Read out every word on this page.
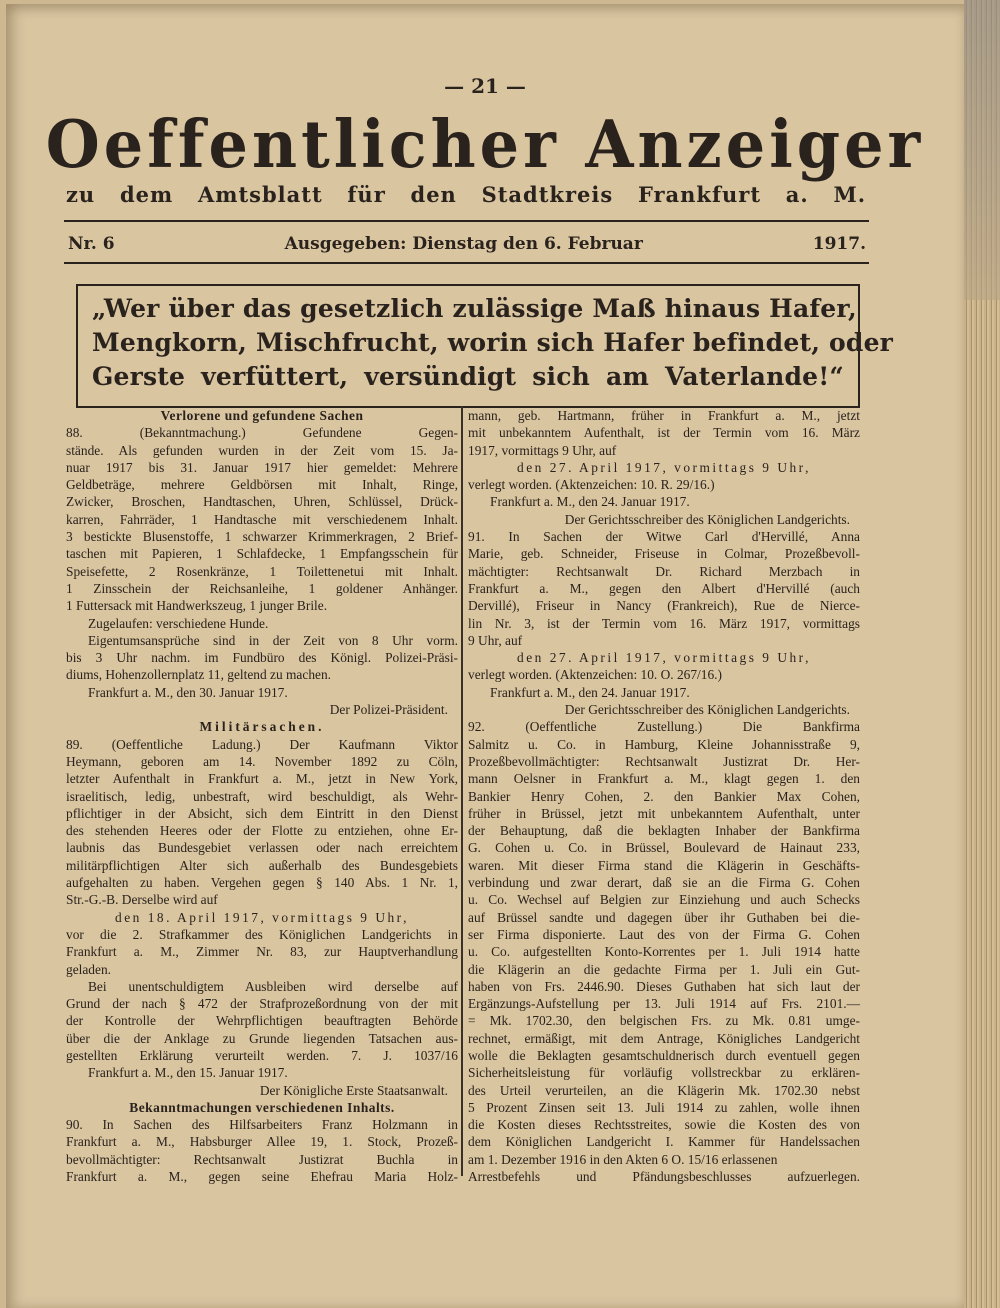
— 21 —
Oeffentlicher Anzeiger
zu dem Amtsblatt für den Stadtkreis Frankfurt a. M.
Nr. 6	Ausgegeben: Dienstag den 6. Februar	1917.
„Wer über das gesetzlich zulässige Maß hinaus Hafer,
Mengkorn, Mischfrucht, worin sich Hafer befindet, oder
Gerste verfüttert, versündigt sich am Vaterlande!“
Verlorene und gefundene Sachen
88. (Bekanntmachung.) Gefundene Gegen-
stände. Als gefunden wurden in der Zeit vom 15. Ja-
nuar 1917 bis 31. Januar 1917 hier gemeldet: Mehrere
Geldbeträge, mehrere Geldbörsen mit Inhalt, Ringe,
Zwicker, Broschen, Handtaschen, Uhren, Schlüssel, Drück-
karren, Fahrräder, 1 Handtasche mit verschiedenem Inhalt.
3 bestickte Blusenstoffe, 1 schwarzer Krimmerkragen, 2 Brief-
taschen mit Papieren, 1 Schlafdecke, 1 Empfangsschein für
Speisefette, 2 Rosenkränze, 1 Toilettenetui mit Inhalt.
1 Zinsschein der Reichsanleihe, 1 goldener Anhänger.
1 Futtersack mit Handwerkszeug, 1 junger Brile.
Zugelaufen: verschiedene Hunde.
Eigentumsansprüche sind in der Zeit von 8 Uhr vorm.
bis 3 Uhr nachm. im Fundbüro des Königl. Polizei-Präsi-
diums, Hohenzollernplatz 11, geltend zu machen.
Frankfurt a. M., den 30. Januar 1917.
Der Polizei-Präsident.
Militärsachen.
89. (Oeffentliche Ladung.) Der Kaufmann Viktor
Heymann, geboren am 14. November 1892 zu Cöln,
letzter Aufenthalt in Frankfurt a. M., jetzt in New York,
israelitisch, ledig, unbestraft, wird beschuldigt, als Wehr-
pflichtiger in der Absicht, sich dem Eintritt in den Dienst
des stehenden Heeres oder der Flotte zu entziehen, ohne Er-
laubnis das Bundesgebiet verlassen oder nach erreichtem
militärpflichtigen Alter sich außerhalb des Bundesgebiets
aufgehalten zu haben. Vergehen gegen § 140 Abs. 1 Nr. 1,
Str.-G.-B. Derselbe wird auf
den 18. April 1917, vormittags 9 Uhr,
vor die 2. Strafkammer des Königlichen Landgerichts in
Frankfurt a. M., Zimmer Nr. 83, zur Hauptverhandlung
geladen.
Bei unentschuldigtem Ausbleiben wird derselbe auf
Grund der nach § 472 der Strafprozeßordnung von der mit
der Kontrolle der Wehrpflichtigen beauftragten Behörde
über die der Anklage zu Grunde liegenden Tatsachen aus-
gestellten Erklärung verurteilt werden. 7. J. 1037/16
Frankfurt a. M., den 15. Januar 1917.
Der Königliche Erste Staatsanwalt.
Bekanntmachungen verschiedenen Inhalts.
90. In Sachen des Hilfsarbeiters Franz Holzmann in
Frankfurt a. M., Habsburger Allee 19, 1. Stock, Prozeß-
bevollmächtigter: Rechtsanwalt Justizrat Buchla in
Frankfurt a. M., gegen seine Ehefrau Maria Holz-
mann, geb. Hartmann, früher in Frankfurt a. M., jetzt
mit unbekanntem Aufenthalt, ist der Termin vom 16. März
1917, vormittags 9 Uhr, auf
den 27. April 1917, vormittags 9 Uhr,
verlegt worden. (Aktenzeichen: 10. R. 29/16.)
Frankfurt a. M., den 24. Januar 1917.
Der Gerichtsschreiber des Königlichen Landgerichts.
91. In Sachen der Witwe Carl d'Hervillé, Anna
Marie, geb. Schneider, Friseuse in Colmar, Prozeßbevoll-
mächtigter: Rechtsanwalt Dr. Richard Merzbach in
Frankfurt a. M., gegen den Albert d'Hervillé (auch
Dervillé), Friseur in Nancy (Frankreich), Rue de Nierce-
lin Nr. 3, ist der Termin vom 16. März 1917, vormittags
9 Uhr, auf
den 27. April 1917, vormittags 9 Uhr,
verlegt worden. (Aktenzeichen: 10. O. 267/16.)
Frankfurt a. M., den 24. Januar 1917.
Der Gerichtsschreiber des Königlichen Landgerichts.
92. (Oeffentliche Zustellung.) Die Bankfirma
Salmitz u. Co. in Hamburg, Kleine Johannisstraße 9,
Prozeßbevollmächtigter: Rechtsanwalt Justizrat Dr. Her-
mann Oelsner in Frankfurt a. M., klagt gegen 1. den
Bankier Henry Cohen, 2. den Bankier Max Cohen,
früher in Brüssel, jetzt mit unbekanntem Aufenthalt, unter
der Behauptung, daß die beklagten Inhaber der Bankfirma
G. Cohen u. Co. in Brüssel, Boulevard de Hainaut 233,
waren. Mit dieser Firma stand die Klägerin in Geschäfts-
verbindung und zwar derart, daß sie an die Firma G. Cohen
u. Co. Wechsel auf Belgien zur Einziehung und auch Schecks
auf Brüssel sandte und dagegen über ihr Guthaben bei die-
ser Firma disponierte. Laut des von der Firma G. Cohen
u. Co. aufgestellten Konto-Korrentes per 1. Juli 1914 hatte
die Klägerin an die gedachte Firma per 1. Juli ein Gut-
haben von Frs. 2446.90. Dieses Guthaben hat sich laut der
Ergänzungs-Aufstellung per 13. Juli 1914 auf Frs. 2101.—
= Mk. 1702.30, den belgischen Frs. zu Mk. 0.81 umge-
rechnet, ermäßigt, mit dem Antrage, Königliches Landgericht
wolle die Beklagten gesamtschuldnerisch durch eventuell gegen
Sicherheitsleistung für vorläufig vollstreckbar zu erklären-
des Urteil verurteilen, an die Klägerin Mk. 1702.30 nebst
5 Prozent Zinsen seit 13. Juli 1914 zu zahlen, wolle ihnen
die Kosten dieses Rechtsstreites, sowie die Kosten des von
dem Königlichen Landgericht I. Kammer für Handelssachen
am 1. Dezember 1916 in den Akten 6 O. 15/16 erlassenen
Arrestbefehls und Pfändungsbeschlusses aufzuerlegen.
